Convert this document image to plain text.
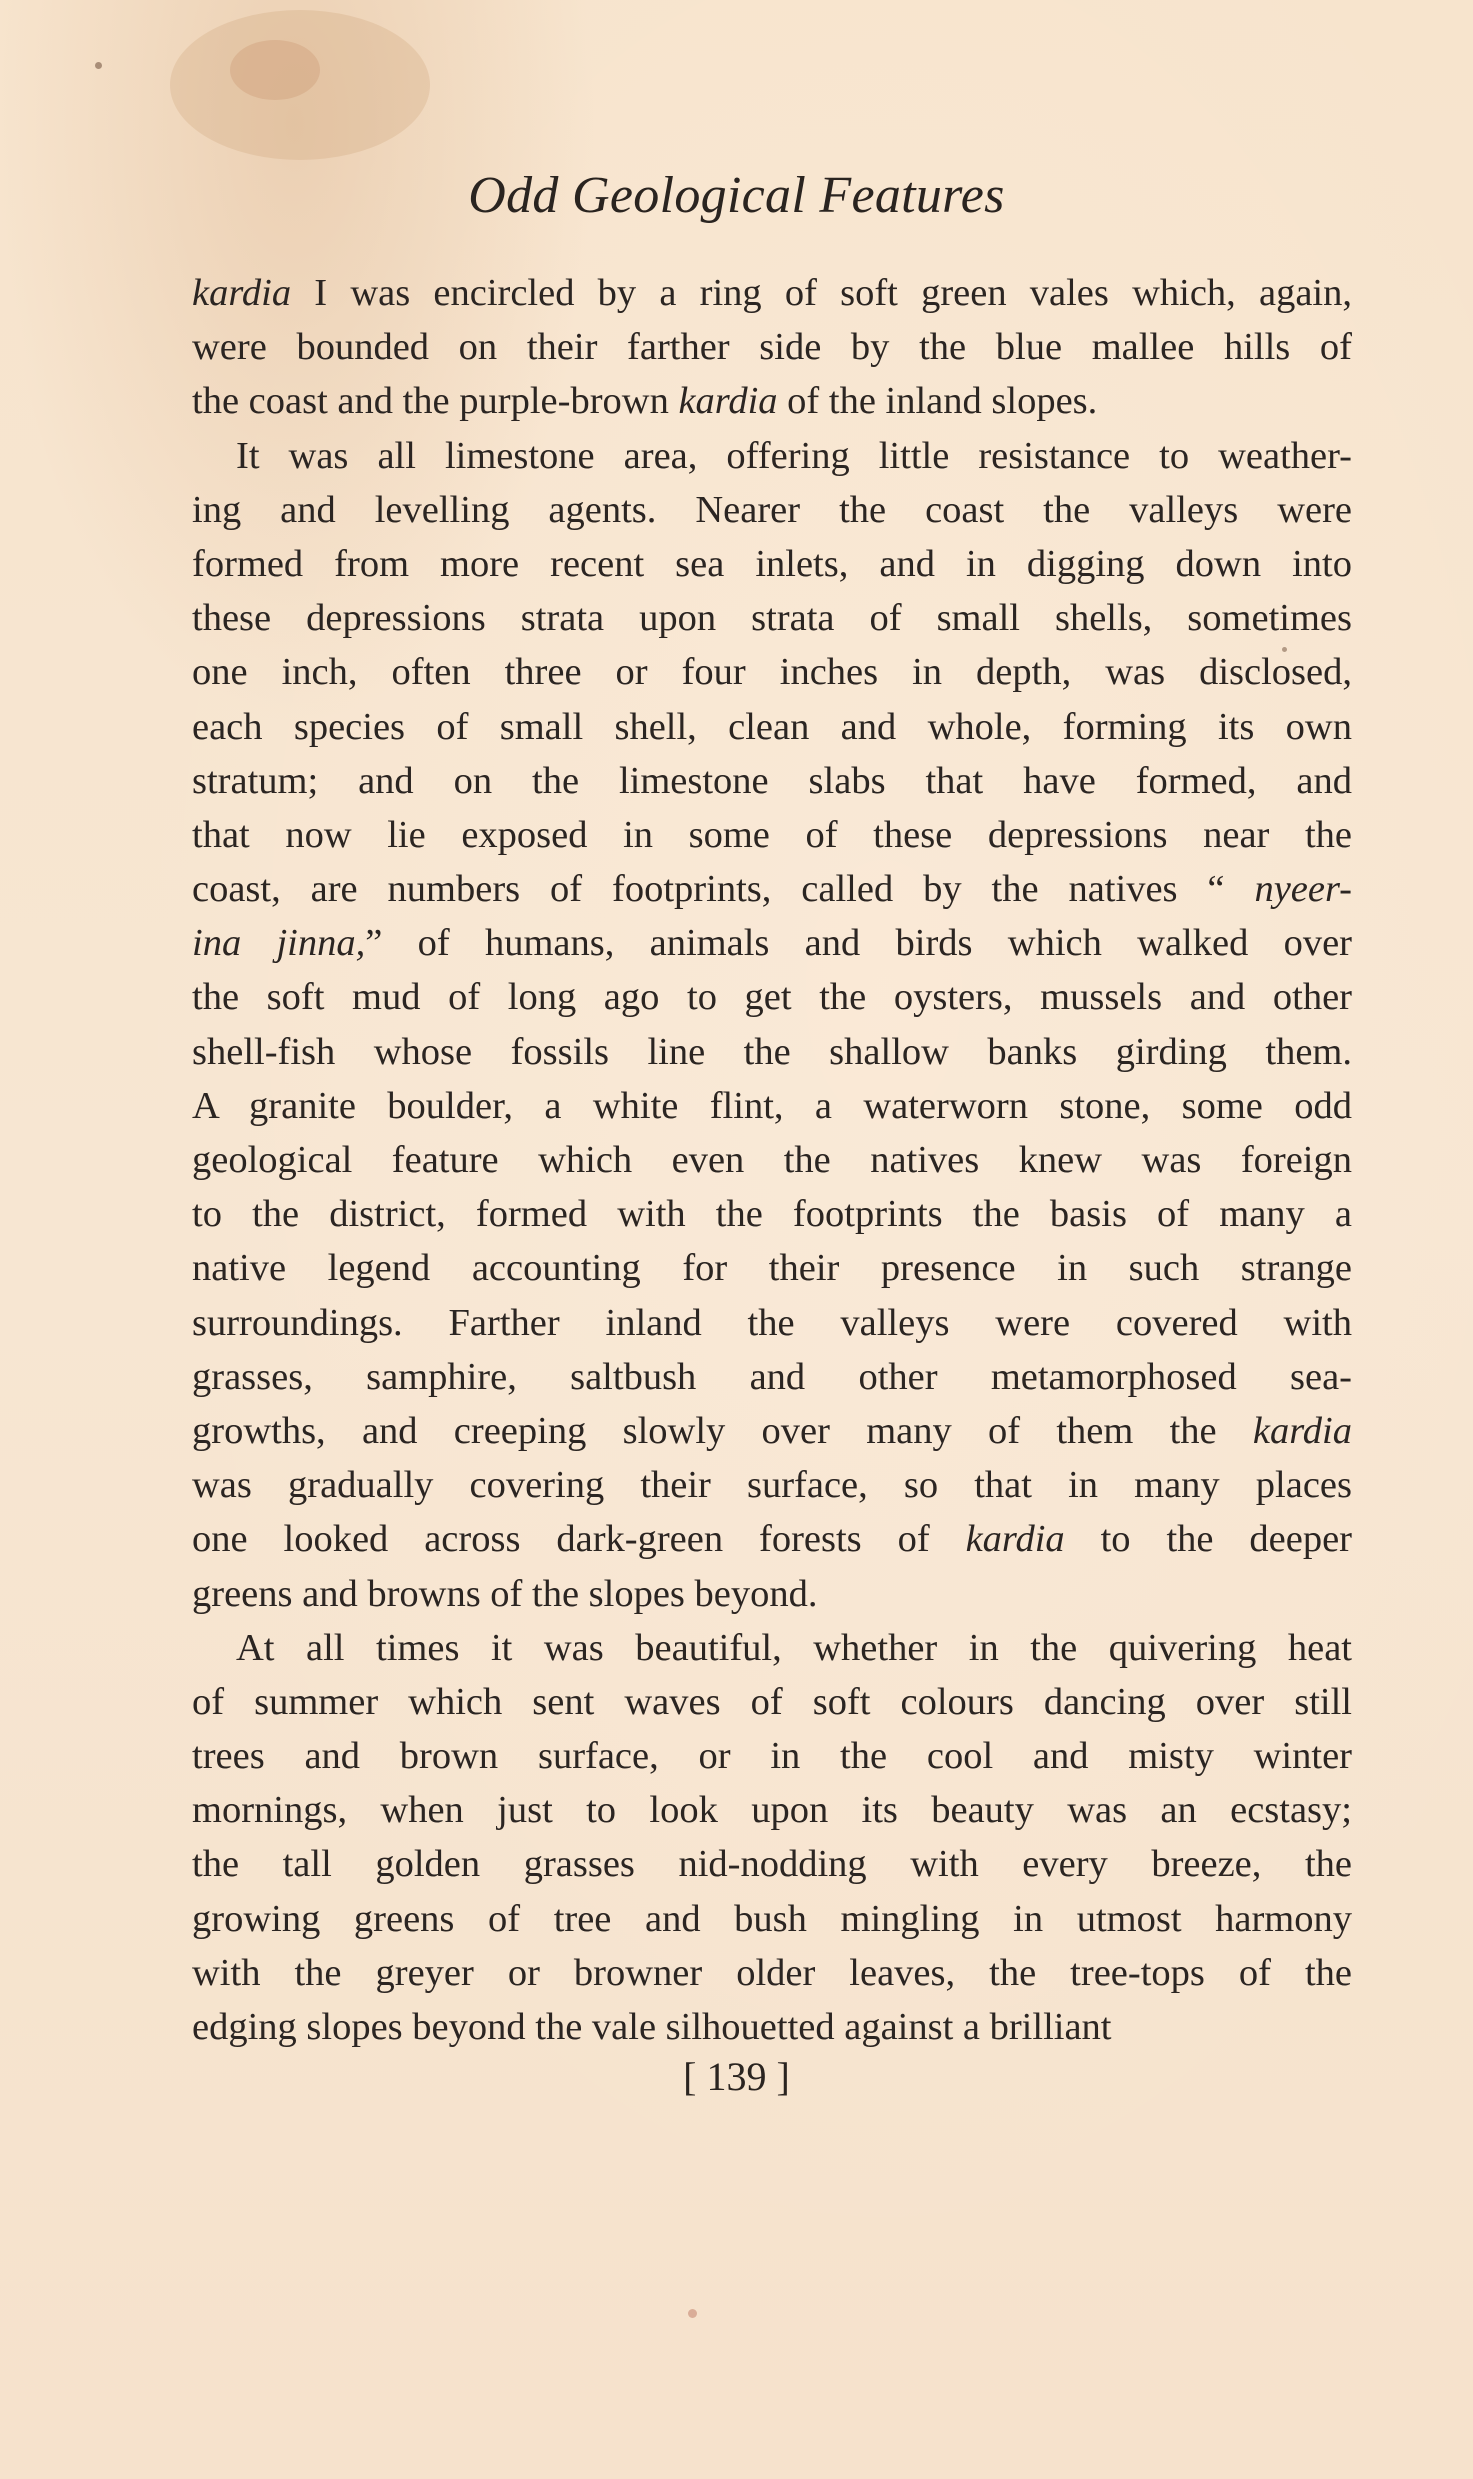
Odd Geological Features
kardia I was encircled by a ring of soft green vales which, again,
were bounded on their farther side by the blue mallee hills of
the coast and the purple-brown kardia of the inland slopes.
It was all limestone area, offering little resistance to weather-
ing and levelling agents. Nearer the coast the valleys were
formed from more recent sea inlets, and in digging down into
these depressions strata upon strata of small shells, sometimes
one inch, often three or four inches in depth, was disclosed,
each species of small shell, clean and whole, forming its own
stratum; and on the limestone slabs that have formed, and
that now lie exposed in some of these depressions near the
coast, are numbers of footprints, called by the natives “ nyeer-
ina jinna,” of humans, animals and birds which walked over
the soft mud of long ago to get the oysters, mussels and other
shell-fish whose fossils line the shallow banks girding them.
A granite boulder, a white flint, a waterworn stone, some odd
geological feature which even the natives knew was foreign
to the district, formed with the footprints the basis of many a
native legend accounting for their presence in such strange
surroundings. Farther inland the valleys were covered with
grasses, samphire, saltbush and other metamorphosed sea-
growths, and creeping slowly over many of them the kardia
was gradually covering their surface, so that in many places
one looked across dark-green forests of kardia to the deeper
greens and browns of the slopes beyond.
At all times it was beautiful, whether in the quivering heat
of summer which sent waves of soft colours dancing over still
trees and brown surface, or in the cool and misty winter
mornings, when just to look upon its beauty was an ecstasy;
the tall golden grasses nid-nodding with every breeze, the
growing greens of tree and bush mingling in utmost harmony
with the greyer or browner older leaves, the tree-tops of the
edging slopes beyond the vale silhouetted against a brilliant
[ 139 ]
